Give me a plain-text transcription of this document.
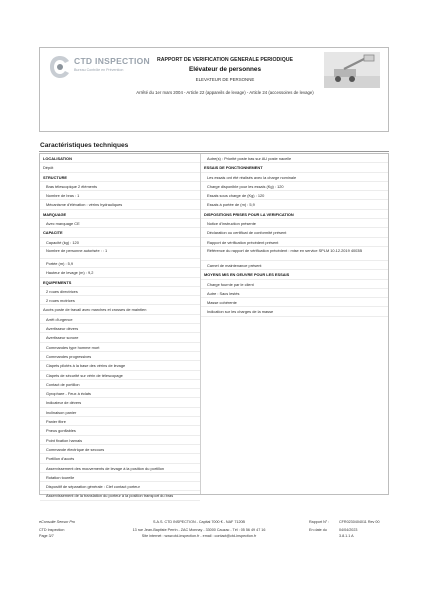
CTD INSPECTION
Bureau Contrôle en Prévention
RAPPORT DE VERIFICATION GENERALE PERIODIQUE
Elévateur de personnes
ELEVATEUR DE PERSONNE
Arrêté du 1er mars 2004 - Article 22 (appareils de levage) - Article 24 (accessoires de levage)
Caractéristiques techniques
LOCALISATION
Dépôt
STRUCTURE
Bras télescopique 2 éléments
Nombre de bras : 1
Mécanisme d'élévation : vérins hydrauliques
MARQUAGE
Avec marquage CE
CAPACITE
Capacité (kg) : 120
Nombre de personne autorisée : : 1
Portée (m) : 5,9
Hauteur de levage (m) : 9,2
EQUIPEMENTS
2 roues directrices
2 roues motrices
Accès poste de travail avec marches et crosses de maintien
Arrêt d'urgence
Avertisseur dévers
Avertisseur sonore
Commandes type homme mort
Commandes progressives
Clapets pilotés à la base des vérins de levage
Clapets de sécurité sur vérin de télescopage
Contact de portillon
Gyrophare - Feux à éclats
Indicateur de dévers
Inclinaison panier
Panier fibre
Pneus gonflables
Point fixation harnais
Commande électrique de secours
Portillon d'accès
Asservissement des mouvements de levage à la position du portillon
Rotation tourelle
Dispositif de séparation générale : Clef contact porteur
Asservissement de la translation du porteur à la position transport du bras
Autre(s) : Priorité poste bas sur AU poste nacelle
ESSAIS DE FONCTIONNEMENT
Les essais ont été réalisés avec la charge nominale
Charge disponible pour les essais (Kg) : 120
Essais sous charge de (Kg) : 120
Essais à portée de (m) : 5,9
DISPOSITIONS PRISES POUR LA VERIFICATION
Notice d'instruction présente
Déclaration ou certificat de conformité présent
Rapport de vérification précédent présent
Référence du rapport de vérification précédent : mise en service SPLM 10.12.2019 4003B
Carnet de maintenance présent
MOYENS MIS EN OEUVRE POUR LES ESSAIS
Charge fournie par le client
Autre : Sacs lestés
Masse cohérente
Indication sur les charges de la masse
eConsulte Sensor Pro
CTD Inspection
Page 3/7
S.A.S. CTD INSPECTION - Capital 7000 € - NAF 7120B
13 rue Jean-Baptiste Perrin - ZAC Monnay - 33000 Cauzac - Tél : 05 56 49 47 16
Site internet : www.ctd-inspection.fr - email : contact@ctd-inspection.fr
Rapport N° :	CFR0230404011 Rev 00
En date du	04/04/2023
3.8.1.1 A
